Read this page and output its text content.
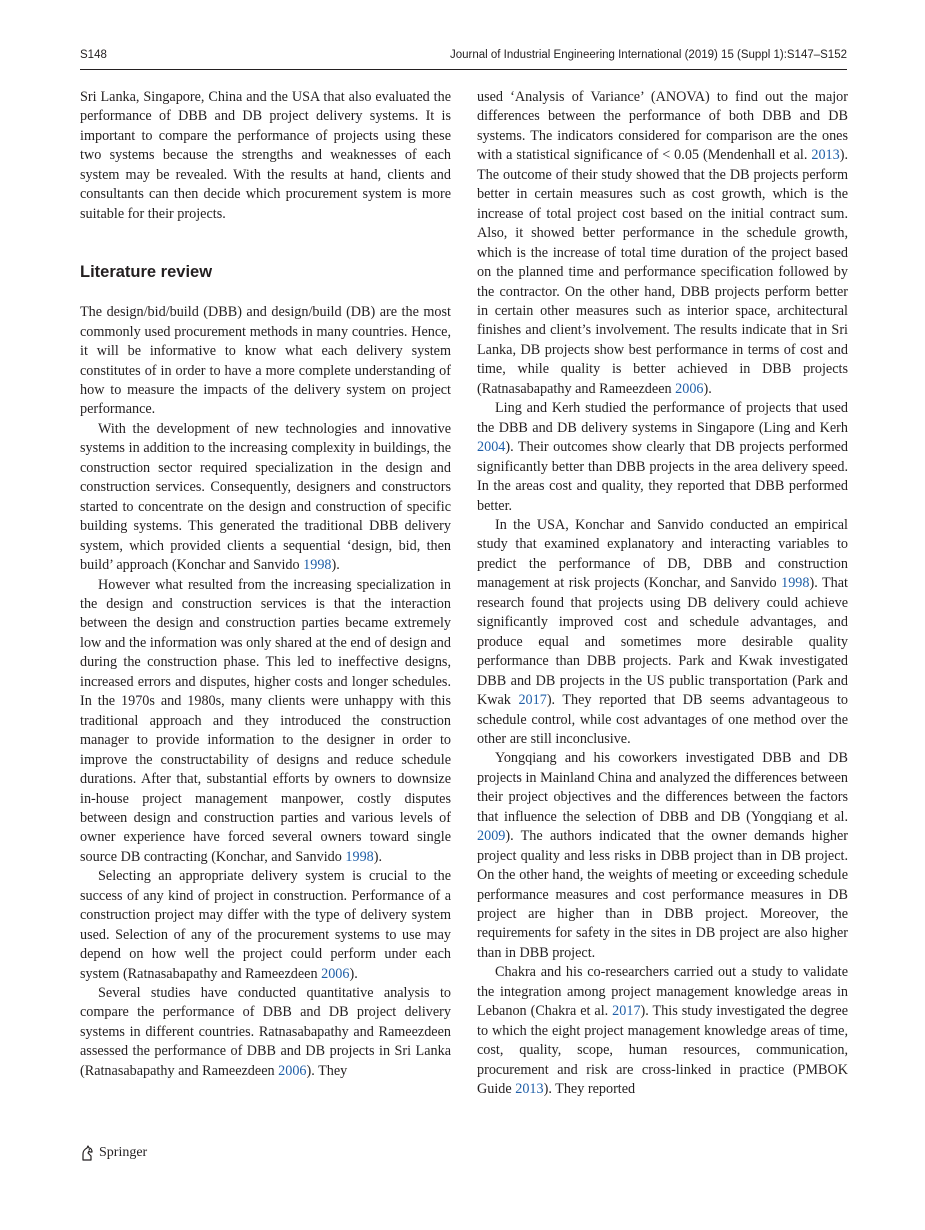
S148	Journal of Industrial Engineering International (2019) 15 (Suppl 1):S147–S152

Sri Lanka, Singapore, China and the USA that also evaluated the performance of DBB and DB project delivery systems. It is important to compare the performance of projects using these two systems because the strengths and weaknesses of each system may be revealed. With the results at hand, clients and consultants can then decide which procurement system is more suitable for their projects.

Literature review

The design/bid/build (DBB) and design/build (DB) are the most commonly used procurement methods in many countries. Hence, it will be informative to know what each delivery system constitutes of in order to have a more complete understanding of how to measure the impacts of the delivery system on project performance.

With the development of new technologies and innovative systems in addition to the increasing complexity in buildings, the construction sector required specialization in the design and construction services. Consequently, designers and constructors started to concentrate on the design and construction of specific building systems. This generated the traditional DBB delivery system, which provided clients a sequential ‘design, bid, then build’ approach (Konchar and Sanvido 1998).

However what resulted from the increasing specialization in the design and construction services is that the interaction between the design and construction parties became extremely low and the information was only shared at the end of design and during the construction phase. This led to ineffective designs, increased errors and disputes, higher costs and longer schedules. In the 1970s and 1980s, many clients were unhappy with this traditional approach and they introduced the construction manager to provide information to the designer in order to improve the constructability of designs and reduce schedule durations. After that, substantial efforts by owners to downsize in-house project management manpower, costly disputes between design and construction parties and various levels of owner experience have forced several owners toward single source DB contracting (Konchar, and Sanvido 1998).

Selecting an appropriate delivery system is crucial to the success of any kind of project in construction. Performance of a construction project may differ with the type of delivery system used. Selection of any of the procurement systems to use may depend on how well the project could perform under each system (Ratnasabapathy and Rameezdeen 2006).

Several studies have conducted quantitative analysis to compare the performance of DBB and DB project delivery systems in different countries. Ratnasabapathy and Rameezdeen assessed the performance of DBB and DB projects in Sri Lanka (Ratnasabapathy and Rameezdeen 2006). They

used ‘Analysis of Variance’ (ANOVA) to find out the major differences between the performance of both DBB and DB systems. The indicators considered for comparison are the ones with a statistical significance of < 0.05 (Mendenhall et al. 2013). The outcome of their study showed that the DB projects perform better in certain measures such as cost growth, which is the increase of total project cost based on the initial contract sum. Also, it showed better performance in the schedule growth, which is the increase of total time duration of the project based on the planned time and performance specification followed by the contractor. On the other hand, DBB projects perform better in certain other measures such as interior space, architectural finishes and client’s involvement. The results indicate that in Sri Lanka, DB projects show best performance in terms of cost and time, while quality is better achieved in DBB projects (Ratnasabapathy and Rameezdeen 2006).

Ling and Kerh studied the performance of projects that used the DBB and DB delivery systems in Singapore (Ling and Kerh 2004). Their outcomes show clearly that DB projects performed significantly better than DBB projects in the area delivery speed. In the areas cost and quality, they reported that DBB performed better.

In the USA, Konchar and Sanvido conducted an empirical study that examined explanatory and interacting variables to predict the performance of DB, DBB and construction management at risk projects (Konchar, and Sanvido 1998). That research found that projects using DB delivery could achieve significantly improved cost and schedule advantages, and produce equal and sometimes more desirable quality performance than DBB projects. Park and Kwak investigated DBB and DB projects in the US public transportation (Park and Kwak 2017). They reported that DB seems advantageous to schedule control, while cost advantages of one method over the other are still inconclusive.

Yongqiang and his coworkers investigated DBB and DB projects in Mainland China and analyzed the differences between their project objectives and the differences between the factors that influence the selection of DBB and DB (Yongqiang et al. 2009). The authors indicated that the owner demands higher project quality and less risks in DBB project than in DB project. On the other hand, the weights of meeting or exceeding schedule performance measures and cost performance measures in DB project are higher than in DBB project. Moreover, the requirements for safety in the sites in DB project are also higher than in DBB project.

Chakra and his co-researchers carried out a study to validate the integration among project management knowledge areas in Lebanon (Chakra et al. 2017). This study investigated the degree to which the eight project management knowledge areas of time, cost, quality, scope, human resources, communication, procurement and risk are cross-linked in practice (PMBOK Guide 2013). They reported

Springer
